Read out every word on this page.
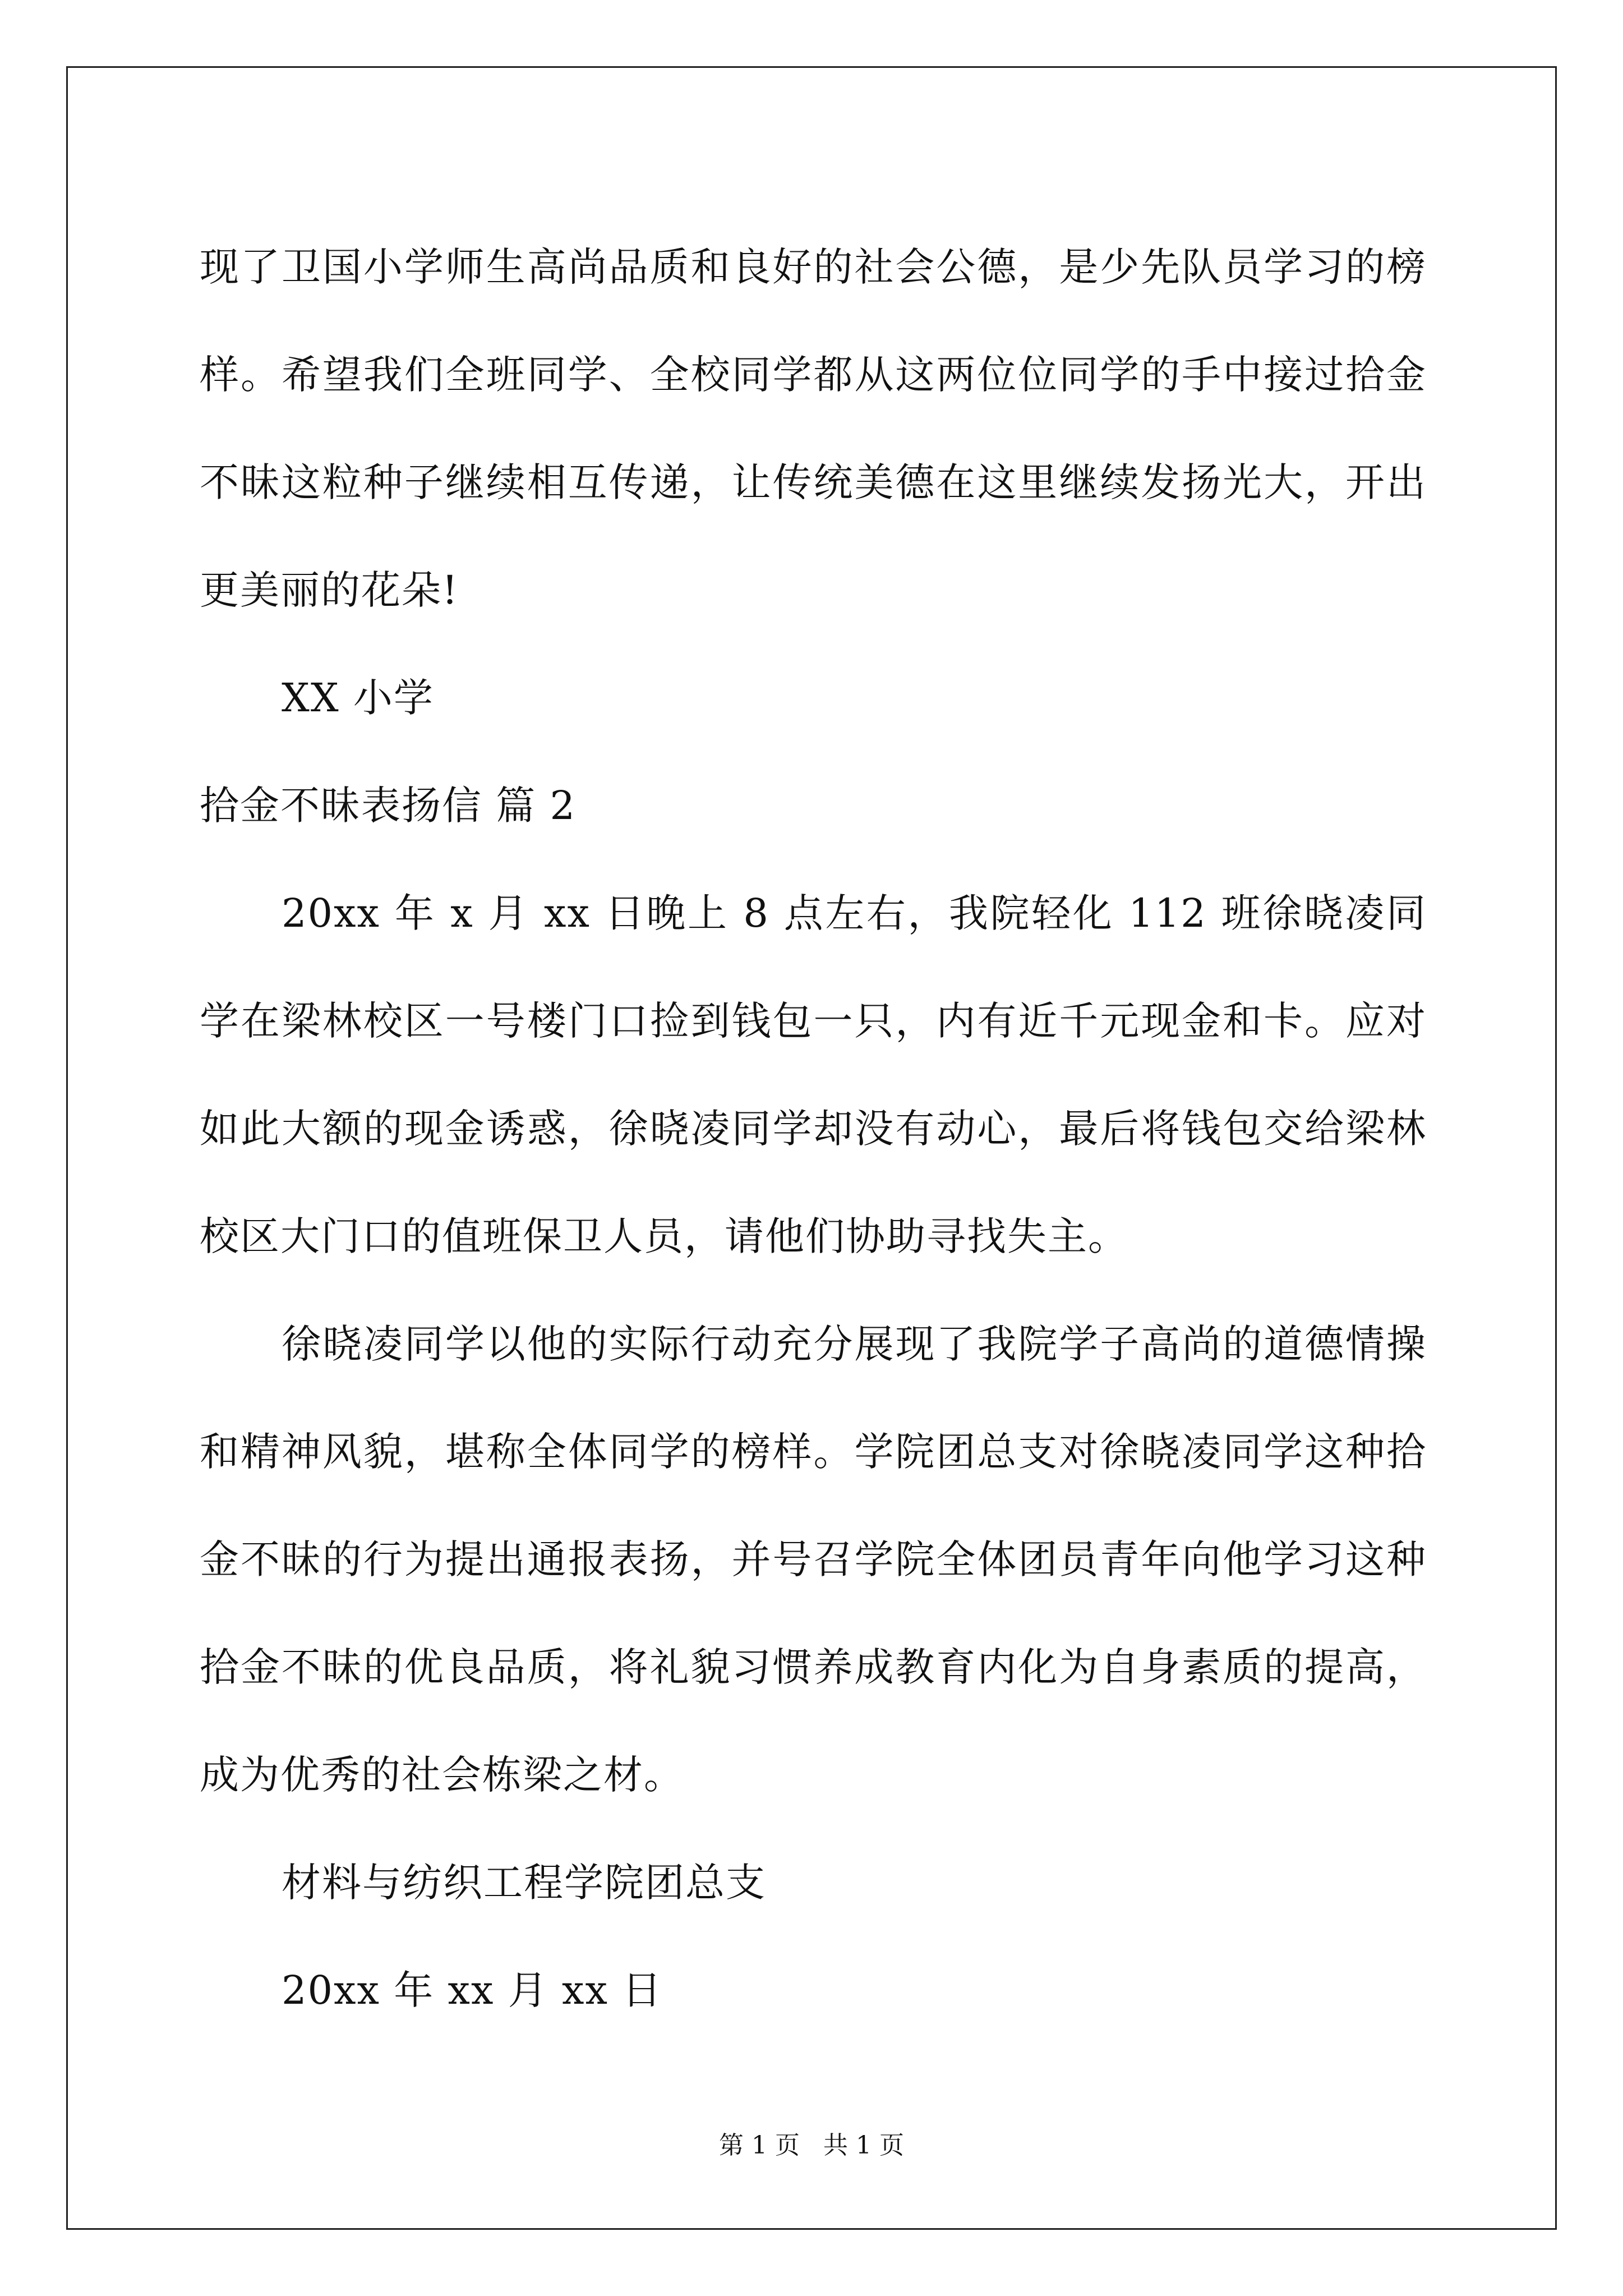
现了卫国小学师生高尚品质和良好的社会公德，是少先队员学习的榜样。希望我们全班同学、全校同学都从这两位位同学的手中接过拾金不昧这粒种子继续相互传递，让传统美德在这里继续发扬光大，开出更美丽的花朵!

XX 小学

拾金不昧表扬信 篇 2

20xx 年 x 月 xx 日晚上 8 点左右，我院轻化 112 班徐晓凌同学在梁林校区一号楼门口捡到钱包一只，内有近千元现金和卡。应对如此大额的现金诱惑，徐晓凌同学却没有动心，最后将钱包交给梁林校区大门口的值班保卫人员，请他们协助寻找失主。

徐晓凌同学以他的实际行动充分展现了我院学子高尚的道德情操和精神风貌，堪称全体同学的榜样。学院团总支对徐晓凌同学这种拾金不昧的行为提出通报表扬，并号召学院全体团员青年向他学习这种拾金不昧的优良品质，将礼貌习惯养成教育内化为自身素质的提高，成为优秀的社会栋梁之材。

材料与纺织工程学院团总支

20xx 年 xx 月 xx 日

第 1 页 共 1 页
